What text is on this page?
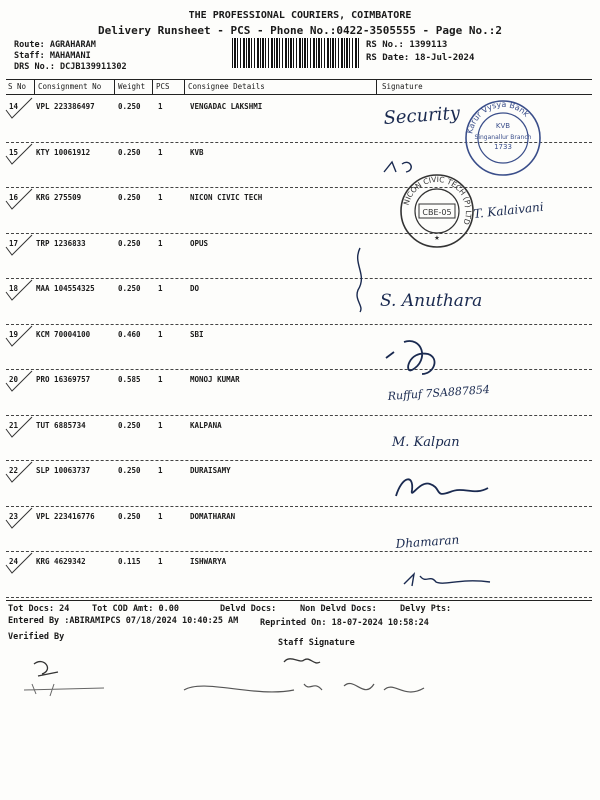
THE PROFESSIONAL COURIERS, COIMBATORE
Delivery Runsheet - PCS - Phone No.:0422-3505555 - Page No.:2
Route: AGRAHARAM
Staff: MAHAMANI
DRS No.: DCJB139911302
RS No.: 1399113
RS Date: 18-Jul-2024
S No Consignment No Weight PCS Consignee Details	Signature
14 VPL 223386497	0.250 1	VENGADAC LAKSHMI
15 KTY 10061912	0.250 1	KVB
16 KRG 275509	0.250 1	NICON CIVIC TECH
17 TRP 1236833	0.250 1	OPUS
18 MAA 104554325	0.250 1	DO
19 KCM 70004100	0.460 1	SBI
20 PRO 16369757	0.585 1	MONOJ KUMAR
21 TUT 6885734	0.250 1	KALPANA
22 SLP 10063737	0.250 1	DURAISAMY
23 VPL 223416776	0.250 1	DOMATHARAN
24 KRG 4629342	0.115 1	ISHWARYA
Karur Vysya Bank
KVB
Singanallur Branch
1733
NICON CIVIC TECH (P) LTD
CBE-05
★
Security
T. Kalaivani
S. Anuthara
Ruffuf 7SA887854
M. Kalpan
Dhamaran
Tot Docs: 24	Tot COD Amt: 0.00	Delvd Docs:	Non Delvd Docs:	Delvy Pts:
Entered By :ABIRAMIPCS 07/18/2024 10:40:25 AM	Reprinted On: 18-07-2024 10:58:24
Verified By
Staff Signature
